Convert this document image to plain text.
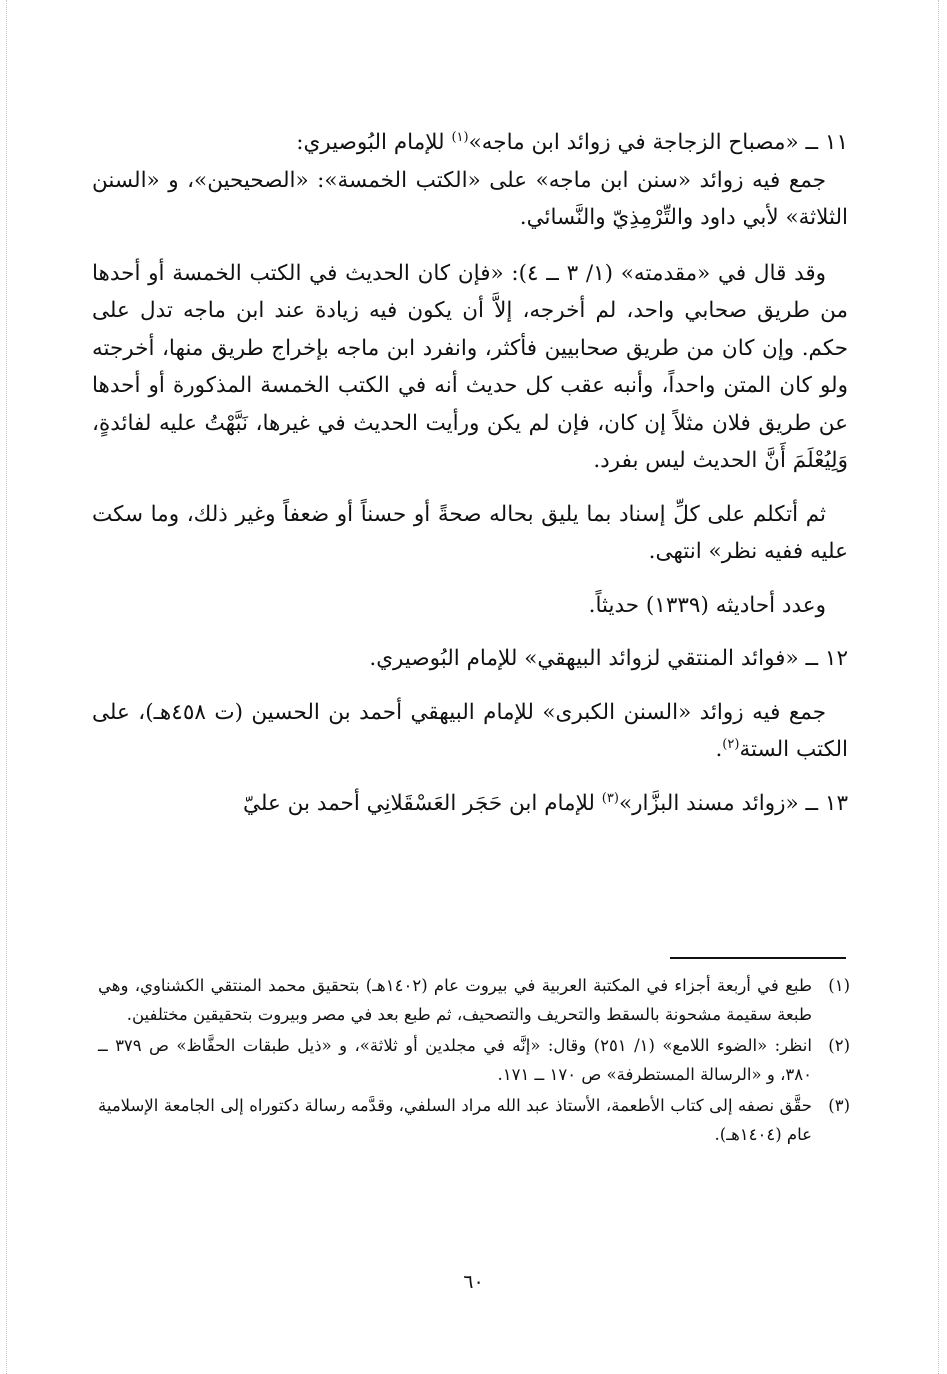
١١ ــ «مصباح الزجاجة في زوائد ابن ماجه»$^{(١)}$ للإمام البُوصيري:

جمع فيه زوائد «سنن ابن ماجه» على «الكتب الخمسة»: «الصحيحين»، و «السنن الثلاثة» لأبي داود والتِّرْمِذِيّ والنَّسائي.

وقد قال في «مقدمته» (١/ ٣ ــ ٤): «فإن كان الحديث في الكتب الخمسة أو أحدها من طريق صحابي واحد، لم أخرجه، إلاَّ أن يكون فيه زيادة عند ابن ماجه تدل على حكم. وإن كان من طريق صحابيين فأكثر، وانفرد ابن ماجه بإخراج طريق منها، أخرجته ولو كان المتن واحداً، وأنبه عقب كل حديث أنه في الكتب الخمسة المذكورة أو أحدها عن طريق فلان مثلاً إن كان، فإن لم يكن ورأيت الحديث في غيرها، نَبَّهْتُ عليه لفائدةٍ، وَلِيُعْلَمَ أَنَّ الحديث ليس بفرد.

ثم أتكلم على كلِّ إسناد بما يليق بحاله صحةً أو حسناً أو ضعفاً وغير ذلك، وما سكت عليه ففيه نظر» انتهى.

وعدد أحاديثه (١٣٣٩) حديثاً.

١٢ ــ «فوائد المنتقي لزوائد البيهقي» للإمام البُوصيري.

جمع فيه زوائد «السنن الكبرى» للإمام البيهقي أحمد بن الحسين (ت ٤٥٨هـ)، على الكتب الستة$^{(٢)}$.

١٣ ــ «زوائد مسند البزَّار»$^{(٣)}$ للإمام ابن حَجَر العَسْقَلانِي أحمد بن عليّ

(١)
طبع في أربعة أجزاء في المكتبة العربية في بيروت عام (١٤٠٢هـ) بتحقيق محمد المنتقي الكشناوي، وهي طبعة سقيمة مشحونة بالسقط والتحريف والتصحيف، ثم طبع بعد في مصر وبيروت بتحقيقين مختلفين.
(٢)
انظر: «الضوء اللامع» (١/ ٢٥١) وقال: «إنَّه في مجلدين أو ثلاثة»، و «ذيل طبقات الحفَّاظ» ص ٣٧٩ ــ ٣٨٠، و «الرسالة المستطرفة» ص ١٧٠ ــ ١٧١.
(٣)
حقَّق نصفه إلى كتاب الأطعمة، الأستاذ عبد الله مراد السلفي، وقدَّمه رسالة دكتوراه إلى الجامعة الإسلامية عام (١٤٠٤هـ).
٦٠
